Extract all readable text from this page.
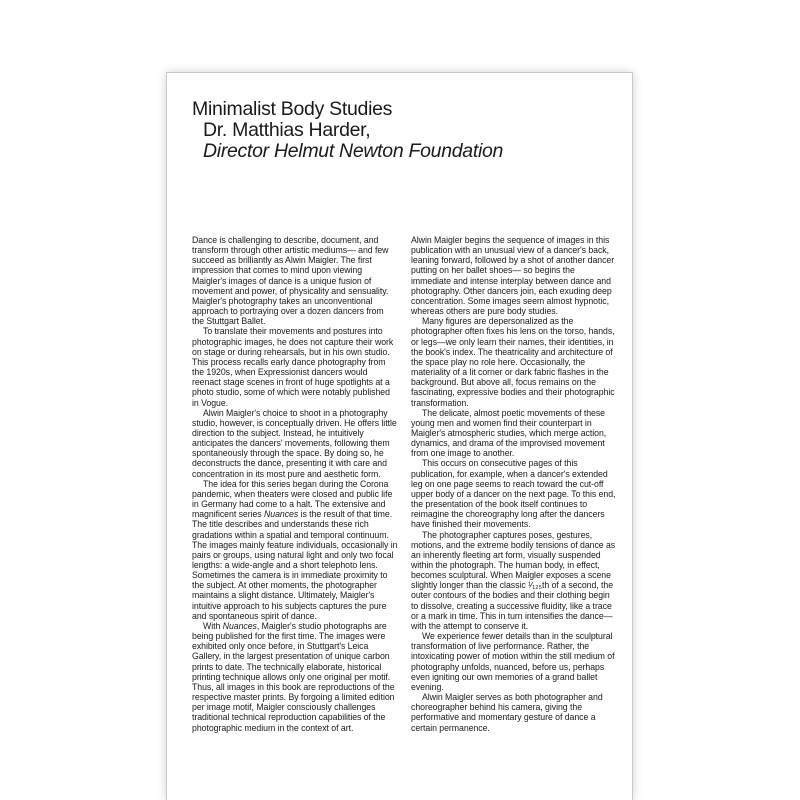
Minimalist Body Studies
Dr. Matthias Harder,
Director Helmut Newton Foundation

Dance is challenging to describe, document, and transform through other artistic mediums— and few succeed as brilliantly as Alwin Maigler. The first impression that comes to mind upon viewing Maigler's images of dance is a unique fusion of movement and power, of physicality and sensuality. Maigler's photography takes an unconventional approach to portraying over a dozen dancers from the Stuttgart Ballet.

To translate their movements and postures into photographic images, he does not capture their work on stage or during rehearsals, but in his own studio. This process recalls early dance photography from the 1920s, when Expressionist dancers would reenact stage scenes in front of huge spotlights at a photo studio, some of which were notably published in Vogue.

Alwin Maigler's choice to shoot in a photography studio, however, is conceptually driven. He offers little direction to the subject. Instead, he intuitively anticipates the dancers' movements, following them spontaneously through the space. By doing so, he deconstructs the dance, presenting it with care and concentration in its most pure and aesthetic form.

The idea for this series began during the Corona pandemic, when theaters were closed and public life in Germany had come to a halt. The extensive and magnificent series Nuances is the result of that time. The title describes and understands these rich gradations within a spatial and temporal continuum. The images mainly feature individuals, occasionally in pairs or groups, using natural light and only two focal lengths: a wide-angle and a short telephoto lens. Sometimes the camera is in immediate proximity to the subject. At other moments, the photographer maintains a slight distance. Ultimately, Maigler's intuitive approach to his subjects captures the pure and spontaneous spirit of dance.

With Nuances, Maigler's studio photographs are being published for the first time. The images were exhibited only once before, in Stuttgart's Leica Gallery, in the largest presentation of unique carbon prints to date. The technically elaborate, historical printing technique allows only one original per motif. Thus, all images in this book are reproductions of the respective master prints. By forgoing a limited edition per image motif, Maigler consciously challenges traditional technical reproduction capabilities of the photographic medium in the context of art.

Alwin Maigler begins the sequence of images in this publication with an unusual view of a dancer's back, leaning forward, followed by a shot of another dancer putting on her ballet shoes— so begins the immediate and intense interplay between dance and photography. Other dancers join, each exuding deep concentration. Some images seem almost hypnotic, whereas others are pure body studies.

Many figures are depersonalized as the photographer often fixes his lens on the torso, hands, or legs—we only learn their names, their identities, in the book's index. The theatricality and architecture of the space play no role here. Occasionally, the materiality of a lit corner or dark fabric flashes in the background. But above all, focus remains on the fascinating, expressive bodies and their photographic transformation.

The delicate, almost poetic movements of these young men and women find their counterpart in Maigler's atmospheric studies, which merge action, dynamics, and drama of the improvised movement from one image to another.

This occurs on consecutive pages of this publication, for example, when a dancer's extended leg on one page seems to reach toward the cut-off upper body of a dancer on the next page. To this end, the presentation of the book itself continues to reimagine the choreography long after the dancers have finished their movements.

The photographer captures poses, gestures, motions, and the extreme bodily tensions of dance as an inherently fleeting art form, visually suspended within the photograph. The human body, in effect, becomes sculptural. When Maigler exposes a scene slightly longer than the classic ¹⁄₁₂₅th of a second, the outer contours of the bodies and their clothing begin to dissolve, creating a successive fluidity, like a trace or a mark in time. This in turn intensifies the dance— with the attempt to conserve it.

We experience fewer details than in the sculptural transformation of live performance. Rather, the intoxicating power of motion within the still medium of photography unfolds, nuanced, before us, perhaps even igniting our own memories of a grand ballet evening.

Alwin Maigler serves as both photographer and choreographer behind his camera, giving the performative and momentary gesture of dance a certain permanence.
